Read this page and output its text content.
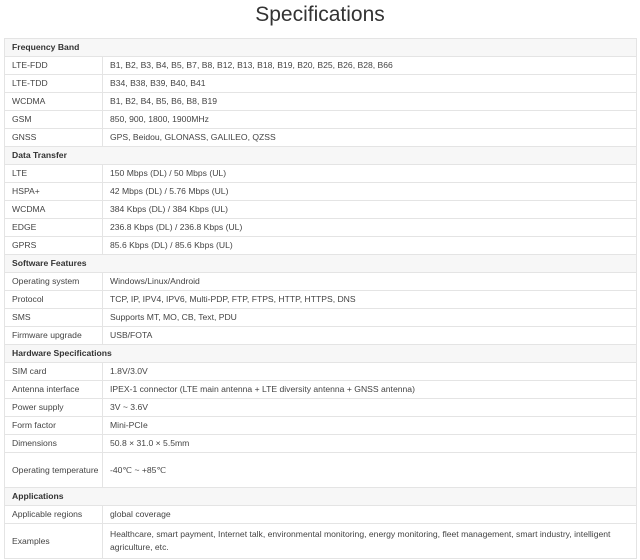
Specifications
Frequency Band	
LTE-FDD	B1, B2, B3, B4, B5, B7, B8, B12, B13, B18, B19, B20, B25, B26, B28, B66
LTE-TDD	B34, B38, B39, B40, B41
WCDMA	B1, B2, B4, B5, B6, B8, B19
GSM	850, 900, 1800, 1900MHz
GNSS	GPS, Beidou, GLONASS, GALILEO, QZSS
Data Transfer	
LTE	150 Mbps (DL) / 50 Mbps (UL)
HSPA+	42 Mbps (DL) / 5.76 Mbps (UL)
WCDMA	384 Kbps (DL) / 384 Kbps (UL)
EDGE	236.8 Kbps (DL) / 236.8 Kbps (UL)
GPRS	85.6 Kbps (DL) / 85.6 Kbps (UL)
Software Features	
Operating system	Windows/Linux/Android
Protocol	TCP, IP, IPV4, IPV6, Multi-PDP, FTP, FTPS, HTTP, HTTPS, DNS
SMS	Supports MT, MO, CB, Text, PDU
Firmware upgrade	USB/FOTA
Hardware Specifications	
SIM card	1.8V/3.0V
Antenna interface	IPEX-1 connector (LTE main antenna + LTE diversity antenna + GNSS antenna)
Power supply	3V ~ 3.6V
Form factor	Mini-PCIe
Dimensions	50.8 × 31.0 × 5.5mm
Operating temperature	-40℃ ~ +85℃
Applications	
Applicable regions	global coverage
Examples	Healthcare, smart payment, Internet talk, environmental monitoring, energy monitoring, fleet management, smart industry, intelligent agriculture, etc.
